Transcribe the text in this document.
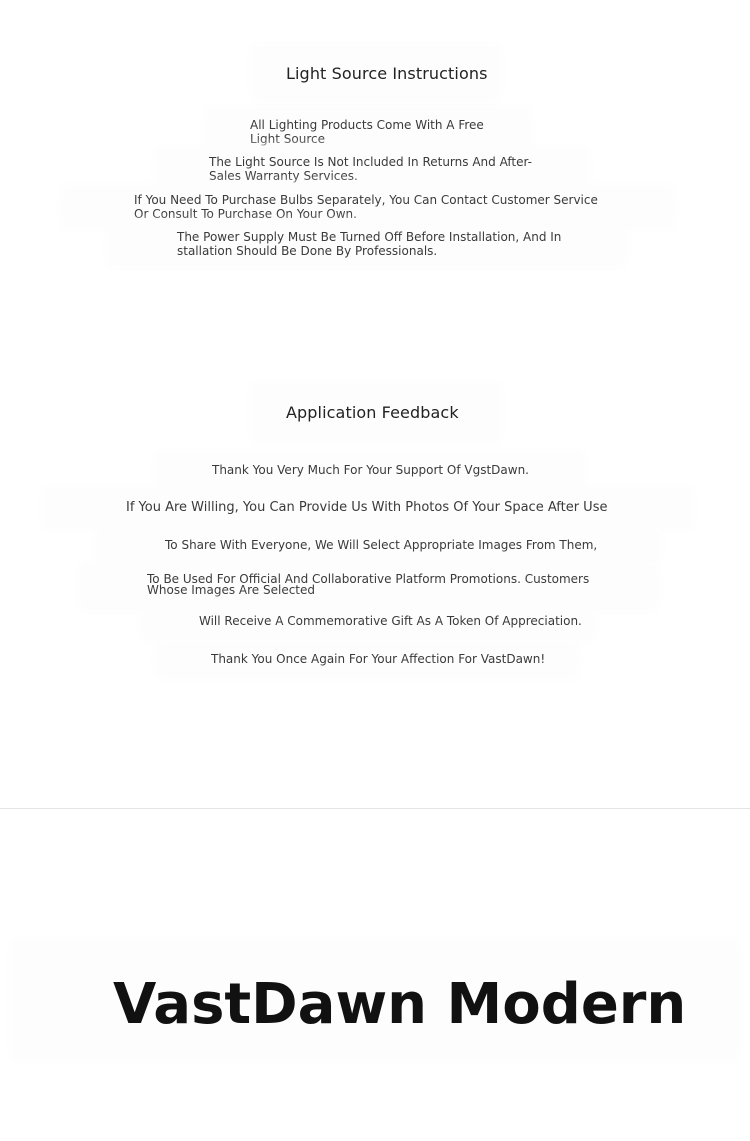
Light Source Instructions
All Lighting Products Come With A Free Light Source
The Light Source Is Not Included In Returns And After-Sales Warranty Services.
If You Need To Purchase Bulbs Separately, You Can Contact Customer Service Or Consult To Purchase On Your Own.
The Power Supply Must Be Turned Off Before Installation, And Installation Should Be Done By Professionals.
Application Feedback
Thank You Very Much For Your Support Of VgstDawn.
If You Are Willing, You Can Provide Us With Photos Of Your Space After Use
To Share With Everyone, We Will Select Appropriate Images From Them,
To Be Used For Official And Collaborative Platform Promotions. Customers Whose Images Are Selected
Will Receive A Commemorative Gift As A Token Of Appreciation.
Thank You Once Again For Your Affection For VastDawn!
VastDawn Modern
